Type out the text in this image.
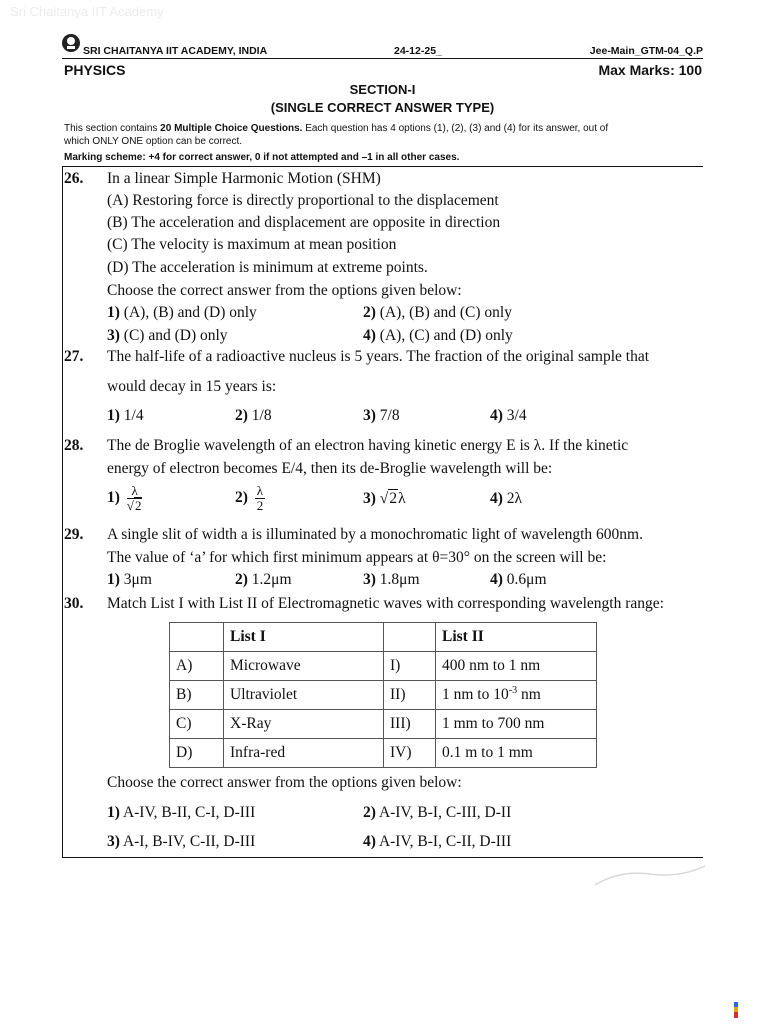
Sri Chaitanya IIT Academy
SRI CHAITANYA IIT ACADEMY, INDIA	24-12-25_	Jee-Main_GTM-04_Q.P
PHYSICS	Max Marks: 100
SECTION-I
(SINGLE CORRECT ANSWER TYPE)
This section contains 20 Multiple Choice Questions. Each question has 4 options (1), (2), (3) and (4) for its answer, out of
which ONLY ONE option can be correct.
Marking scheme: +4 for correct answer, 0 if not attempted and –1 in all other cases.
26. In a linear Simple Harmonic Motion (SHM)
(A) Restoring force is directly proportional to the displacement
(B) The acceleration and displacement are opposite in direction
(C) The velocity is maximum at mean position
(D) The acceleration is minimum at extreme points.
Choose the correct answer from the options given below:
1) (A), (B) and (D) only	2) (A), (B) and (C) only
3) (C) and (D) only	4) (A), (C) and (D) only
27. The half-life of a radioactive nucleus is 5 years. The fraction of the original sample that
would decay in 15 years is:
1) 1/4	2) 1/8	3) 7/8	4) 3/4
28. The de Broglie wavelength of an electron having kinetic energy E is λ. If the kinetic
energy of electron becomes E/4, then its de-Broglie wavelength will be:
$1) \frac{\lambda}{√2}$	$2) \frac{\lambda}{2}$	3) √2λ	4) 2λ
29. A single slit of width a is illuminated by a monochromatic light of wavelength 600nm.
The value of ‘a’ for which first minimum appears at θ=30° on the screen will be:
1) 3μm	2) 1.2μm	3) 1.8μm	4) 0.6μm
30. Match List I with List II of Electromagnetic waves with corresponding wavelength range:
	List I		List II
A)	Microwave	I)	400 nm to 1 nm
B)	Ultraviolet	II)	1 nm to $10^{-3}$ nm
C)	X-Ray	III)	1 mm to 700 nm
D)	Infra-red	IV)	0.1 m to 1 mm
Choose the correct answer from the options given below:
1) A-IV, B-II, C-I, D-III	2) A-IV, B-I, C-III, D-II
3) A-I, B-IV, C-II, D-III	4) A-IV, B-I, C-II, D-III
